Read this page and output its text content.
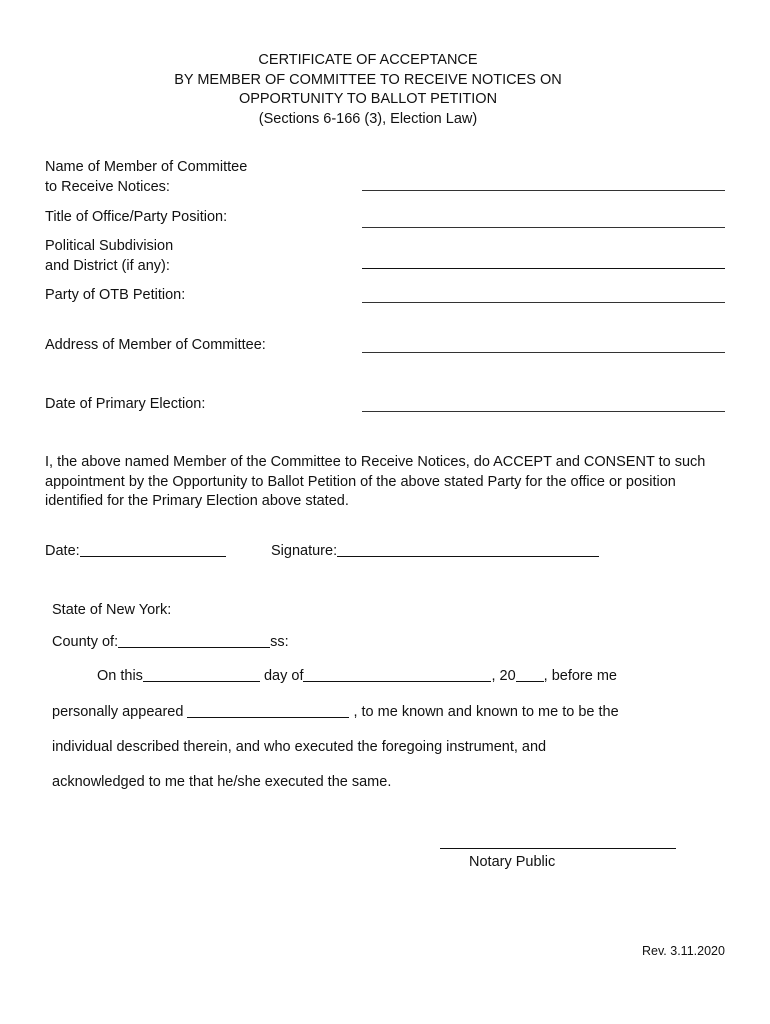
CERTIFICATE OF ACCEPTANCE
BY MEMBER OF COMMITTEE TO RECEIVE NOTICES ON
OPPORTUNITY TO BALLOT PETITION
(Sections 6-166 (3), Election Law)
Name of Member of Committee
to Receive Notices:
Title of Office/Party Position:
Political Subdivision
and District (if any):
Party of OTB Petition:
Address of Member of Committee:
Date of Primary Election:
I, the above named Member of the Committee to Receive Notices, do ACCEPT and CONSENT to such appointment by the Opportunity to Ballot Petition of the above stated Party for the office or position identified for the Primary Election above stated.
Date:	Signature:
State of New York:
County of:	ss:
On this	day of	, 20 , before me
personally appeared	, to me known and known to me to be the
individual described therein, and who executed the foregoing instrument, and
acknowledged to me that he/she executed the same.
Notary Public
Rev. 3.11.2020
